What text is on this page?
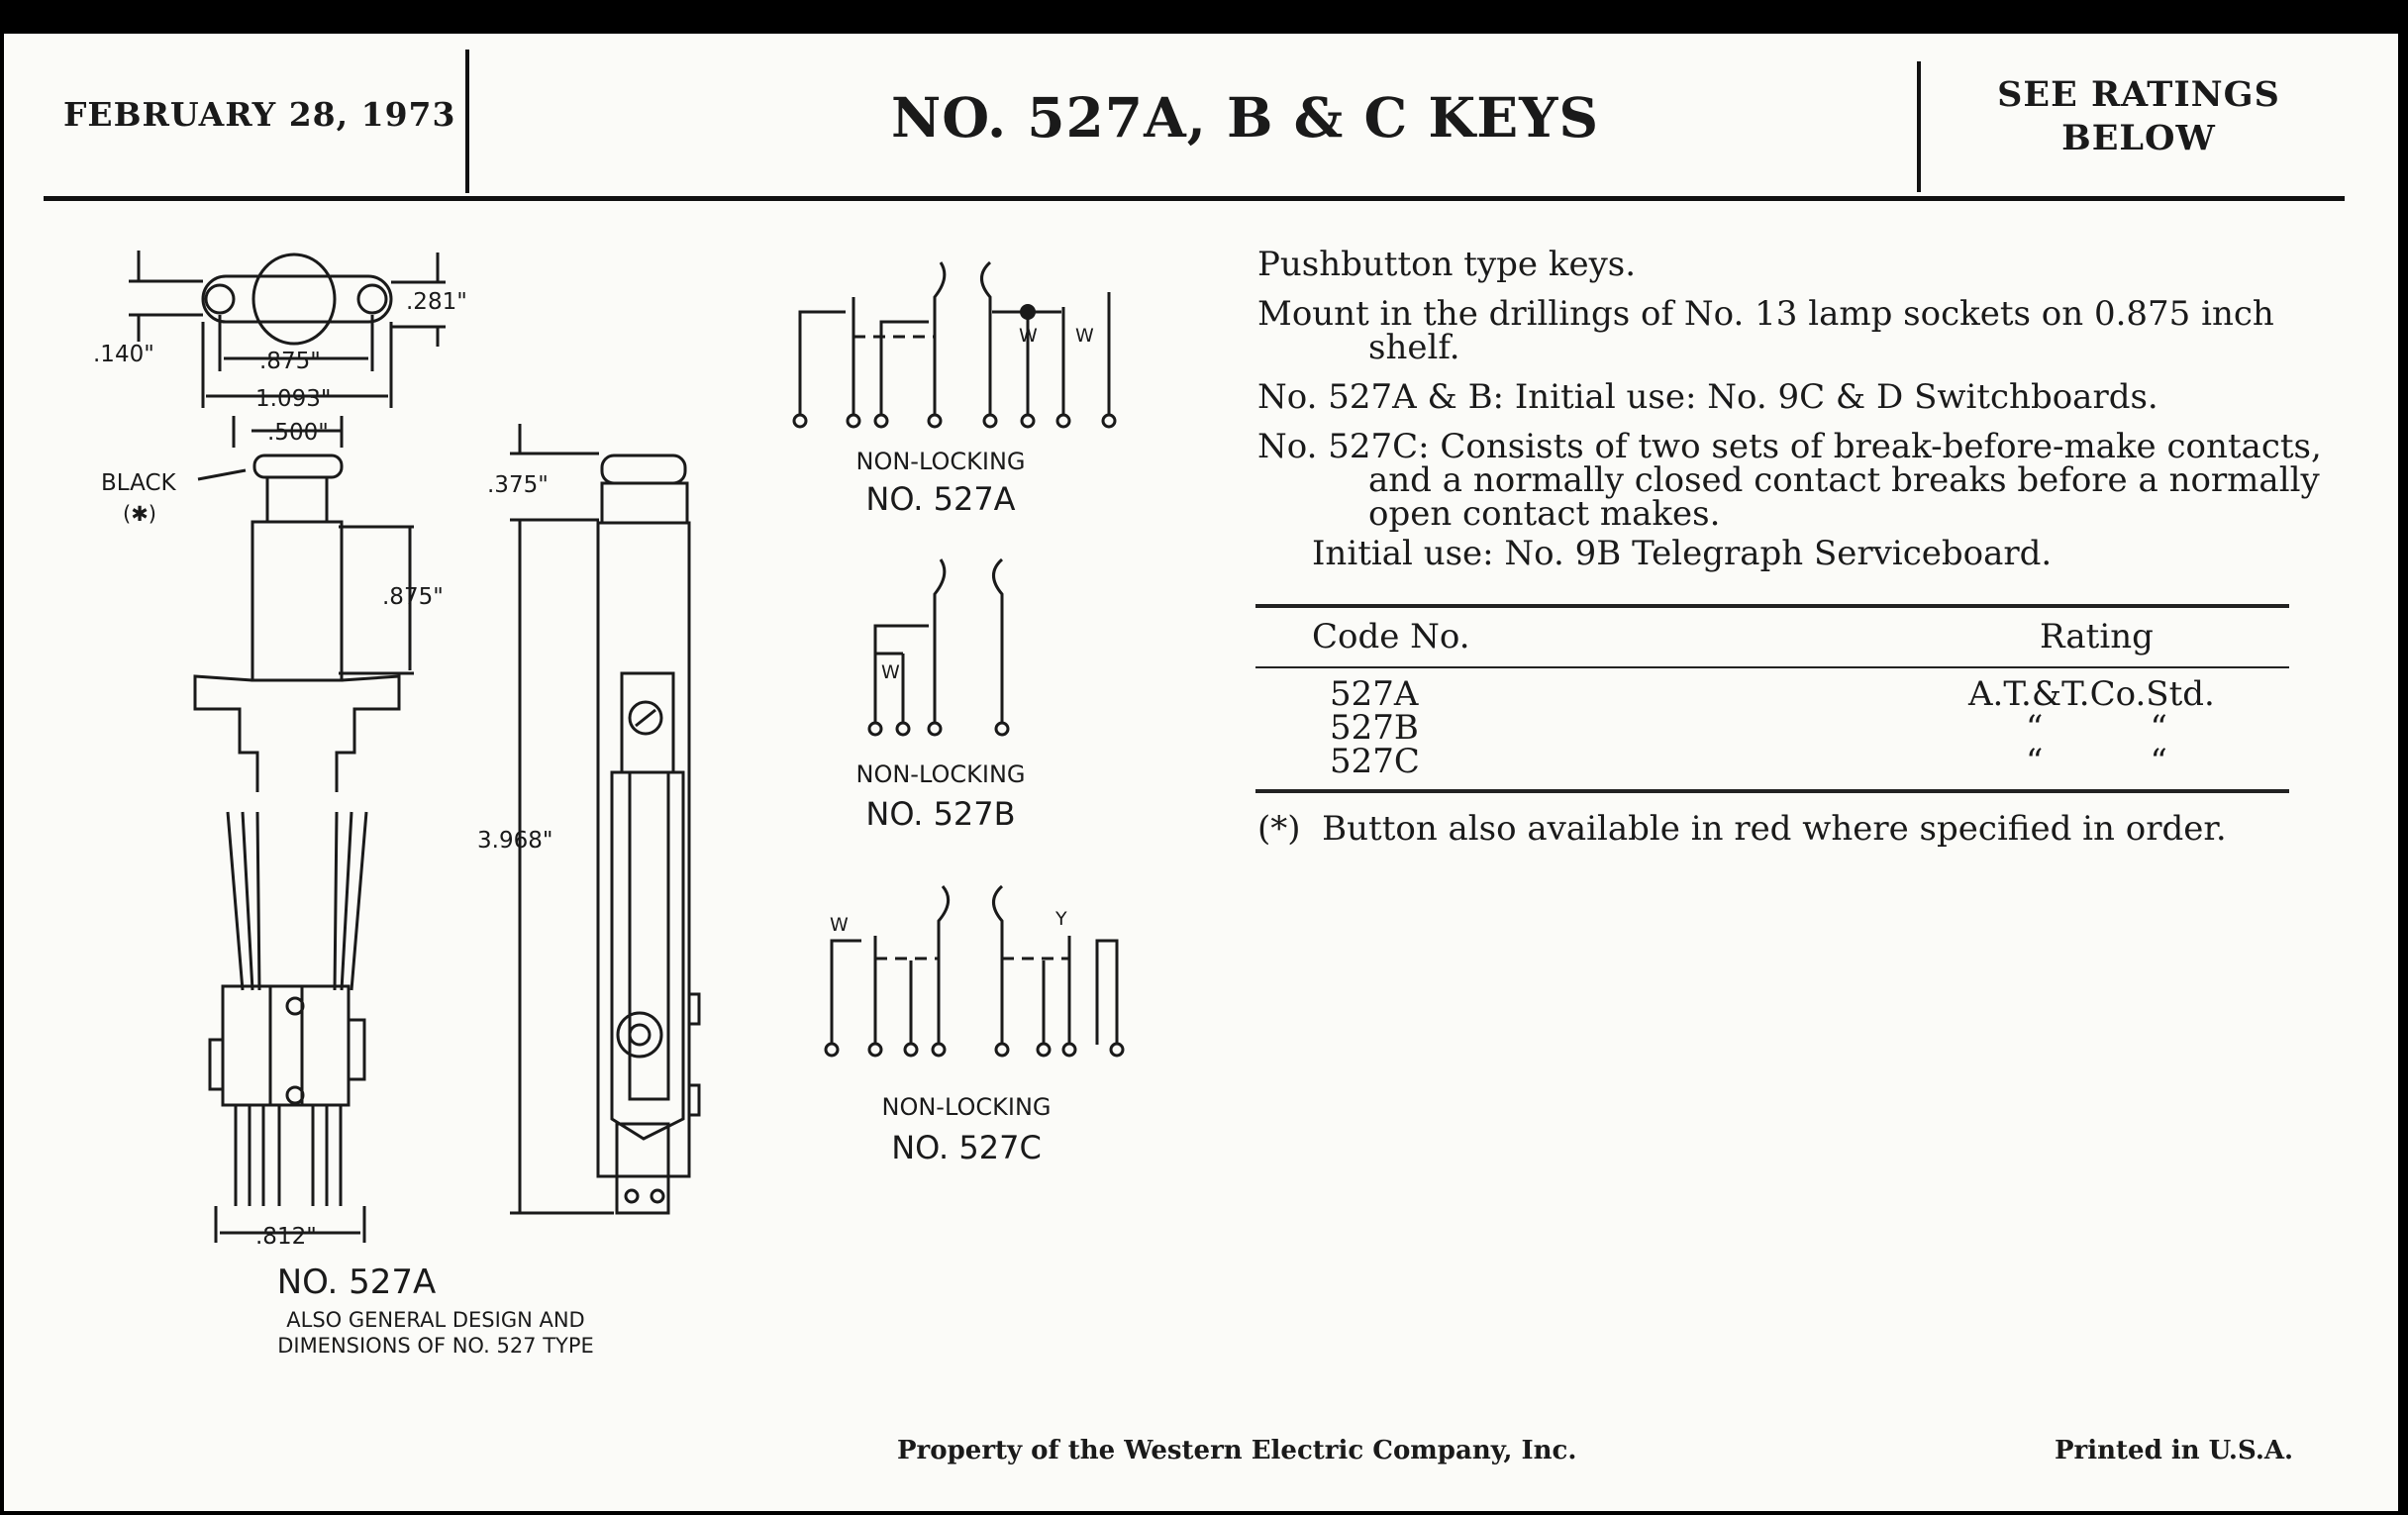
FEBRUARY 28, 1973	NO. 527A, B & C KEYS	SEE RATINGS
BELOW
.140"
.281"
.875"
1.093"
.500"
BLACK
(✱)
.375"
.875"
3.968"
.812"
NO. 527A
ALSO GENERAL DESIGN AND
DIMENSIONS OF NO. 527 TYPE
W W
NON-LOCKING
NO. 527A
W
NON-LOCKING
NO. 527B
W	Y
NON-LOCKING
NO. 527C
Pushbutton type keys.
Mount in the drillings of No. 13 lamp sockets on 0.875 inch
shelf.
No. 527A & B: Initial use: No. 9C & D Switchboards.
No. 527C: Consists of two sets of break-before-make contacts,
and a normally closed contact breaks before a normally
open contact makes.
Initial use: No. 9B Telegraph Serviceboard.
Code No.	Rating
527A	A.T.&T.Co.Std.
527B	“          “
527C	“          “
(*)  Button also available in red where specified in order.
Property of the Western Electric Company, Inc.	Printed in U.S.A.
